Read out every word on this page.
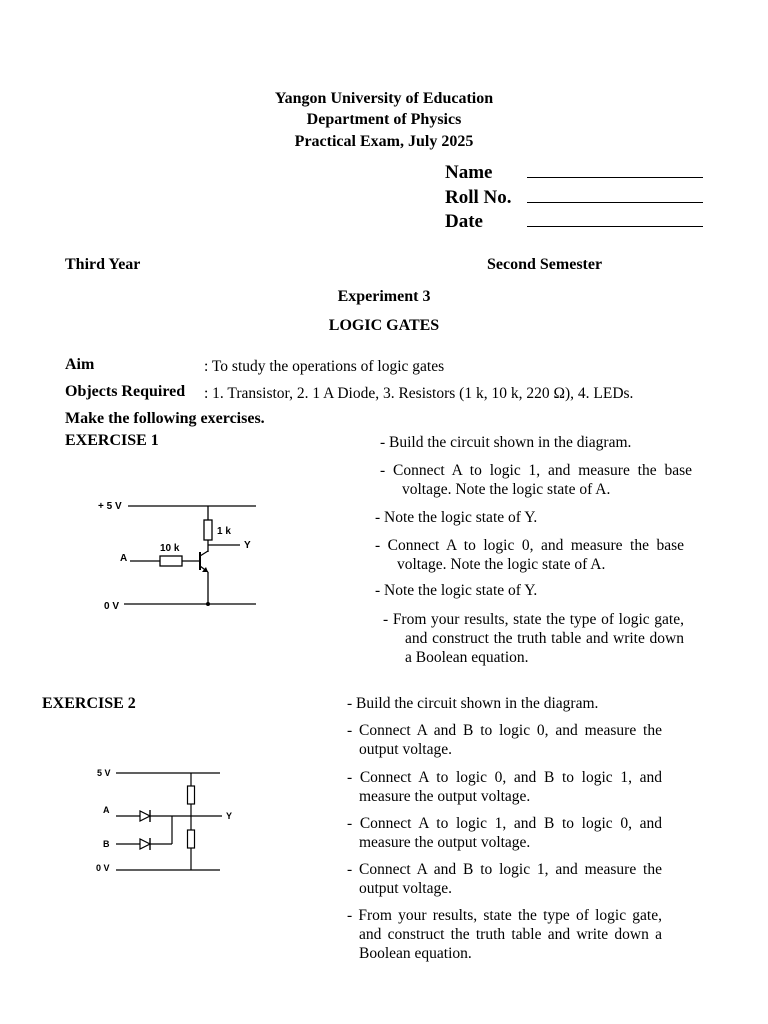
Yangon University of Education
Department of Physics
Practical Exam, July 2025
Name
Roll No.
Date
Third Year	Second Semester
Experiment 3
LOGIC GATES
Aim	: To study the operations of logic gates
Objects Required : 1. Transistor, 2. 1 A Diode, 3. Resistors (1 k, 10 k, 220 Ω), 4. LEDs.
Make the following exercises.
EXERCISE 1	- Build the circuit shown in the diagram.
- Connect A to logic 1, and measure the base voltage. Note the logic state of A.
- Note the logic state of Y.
- Connect A to logic 0, and measure the base voltage. Note the logic state of A.
- Note the logic state of Y.
- From your results, state the type of logic gate, and construct the truth table and write down a Boolean equation.
+ 5 V
1 k
Y
A
10 k
0 V
EXERCISE 2	- Build the circuit shown in the diagram.
- Connect A and B to logic 0, and measure the output voltage.
- Connect A to logic 0, and B to logic 1, and measure the output voltage.
- Connect A to logic 1, and B to logic 0, and measure the output voltage.
- Connect A and B to logic 1, and measure the output voltage.
- From your results, state the type of logic gate, and construct the truth table and write down a Boolean equation.
5 V
Y
A
B
0 V
